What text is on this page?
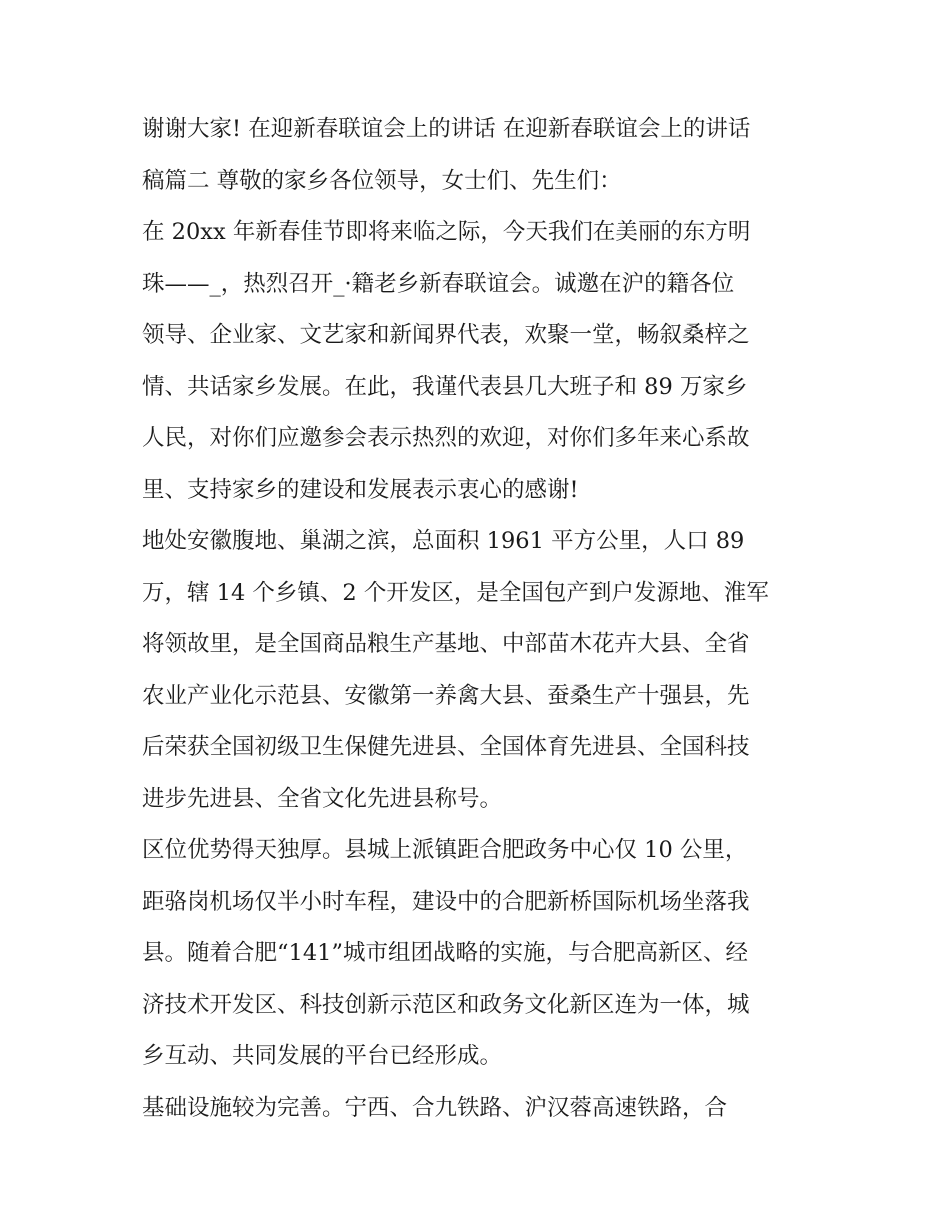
谢谢大家! 在迎新春联谊会上的讲话 在迎新春联谊会上的讲话
稿篇二 尊敬的家乡各位领导，女士们、先生们：
在 20xx 年新春佳节即将来临之际，今天我们在美丽的东方明
珠——_，热烈召开_·籍老乡新春联谊会。诚邀在沪的籍各位
领导、企业家、文艺家和新闻界代表，欢聚一堂，畅叙桑梓之
情、共话家乡发展。在此，我谨代表县几大班子和 89 万家乡
人民，对你们应邀参会表示热烈的欢迎，对你们多年来心系故
里、支持家乡的建设和发展表示衷心的感谢!
地处安徽腹地、巢湖之滨，总面积 1961 平方公里，人口 89
万，辖 14 个乡镇、2 个开发区，是全国包产到户发源地、淮军
将领故里，是全国商品粮生产基地、中部苗木花卉大县、全省
农业产业化示范县、安徽第一养禽大县、蚕桑生产十强县，先
后荣获全国初级卫生保健先进县、全国体育先进县、全国科技
进步先进县、全省文化先进县称号。
区位优势得天独厚。县城上派镇距合肥政务中心仅 10 公里，
距骆岗机场仅半小时车程，建设中的合肥新桥国际机场坐落我
县。随着合肥“141”城市组团战略的实施，与合肥高新区、经
济技术开发区、科技创新示范区和政务文化新区连为一体，城
乡互动、共同发展的平台已经形成。
基础设施较为完善。宁西、合九铁路、沪汉蓉高速铁路，合
